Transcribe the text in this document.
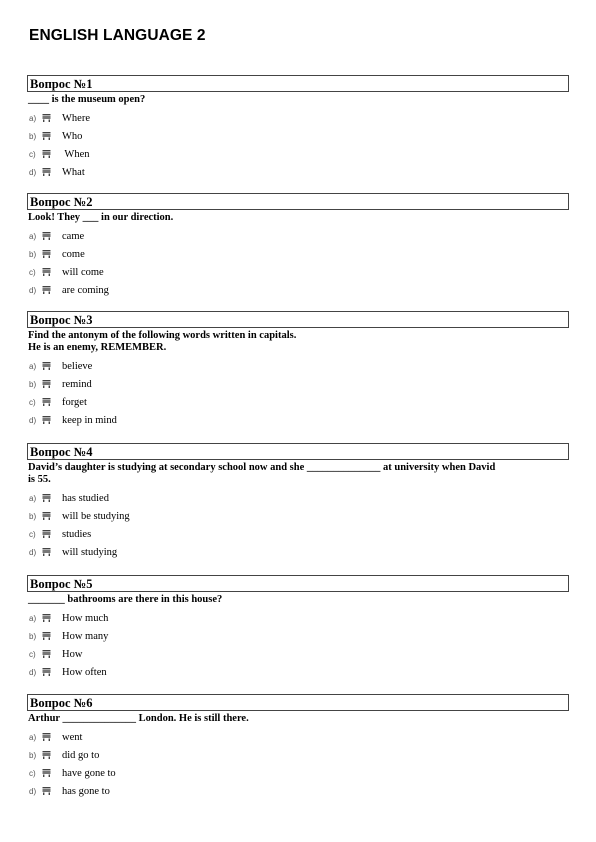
ENGLISH LANGUAGE 2
Вопрос №1
____ is the museum open?
a)	Where
b)	Who
c)	When
d)	What
Вопрос №2
Look! They ___ in our direction.
a)	came
b)	come
c)	will come
d)	are coming
Вопрос №3
Find the antonym of the following words written in capitals.
He is an enemy, REMEMBER.
a)	believe
b)	remind
c)	forget
d)	keep in mind
Вопрос №4
David’s daughter is studying at secondary school now and she ______________ at university when David
is 55.
a)	has studied
b)	will be studying
c)	studies
d)	will studying
Вопрос №5
_______ bathrooms are there in this house?
a)	How much
b)	How many
c)	How
d)	How often
Вопрос №6
Arthur ______________ London. He is still there.
a)	went
b)	did go to
c)	have gone to
d)	has gone to
